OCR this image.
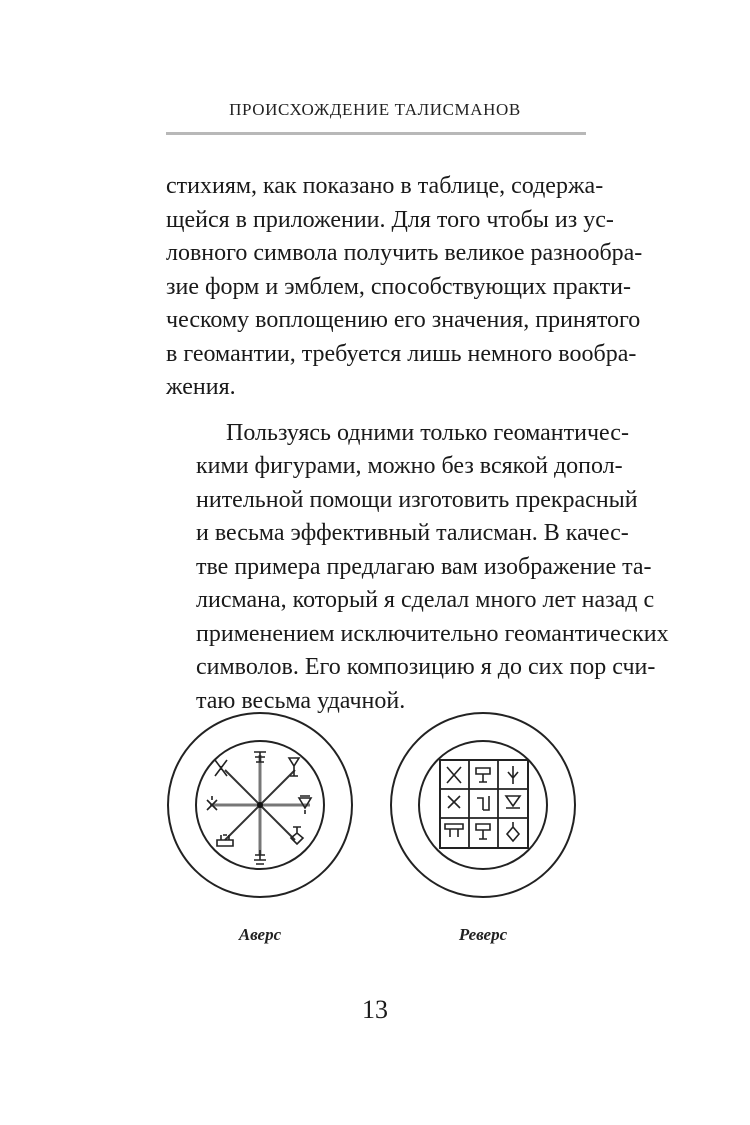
ПРОИСХОЖДЕНИЕ ТАЛИСМАНОВ

стихиям, как показано в таблице, содержа-
щейся в приложении. Для того чтобы из ус-
ловного символа получить великое разнообра-
зие форм и эмблем, способствующих практи-
ческому воплощению его значения, принятого
в геомантии, требуется лишь немного вообра-
жения.

Пользуясь одними только геомантичес-
кими фигурами, можно без всякой допол-
нительной помощи изготовить прекрасный
и весьма эффективный талисман. В качес-
тве примера предлагаю вам изображение та-
лисмана, который я сделал много лет назад с
применением исключительно геомантических
символов. Его композицию я до сих пор счи-
таю весьма удачной.

Аверс	Реверс
13
